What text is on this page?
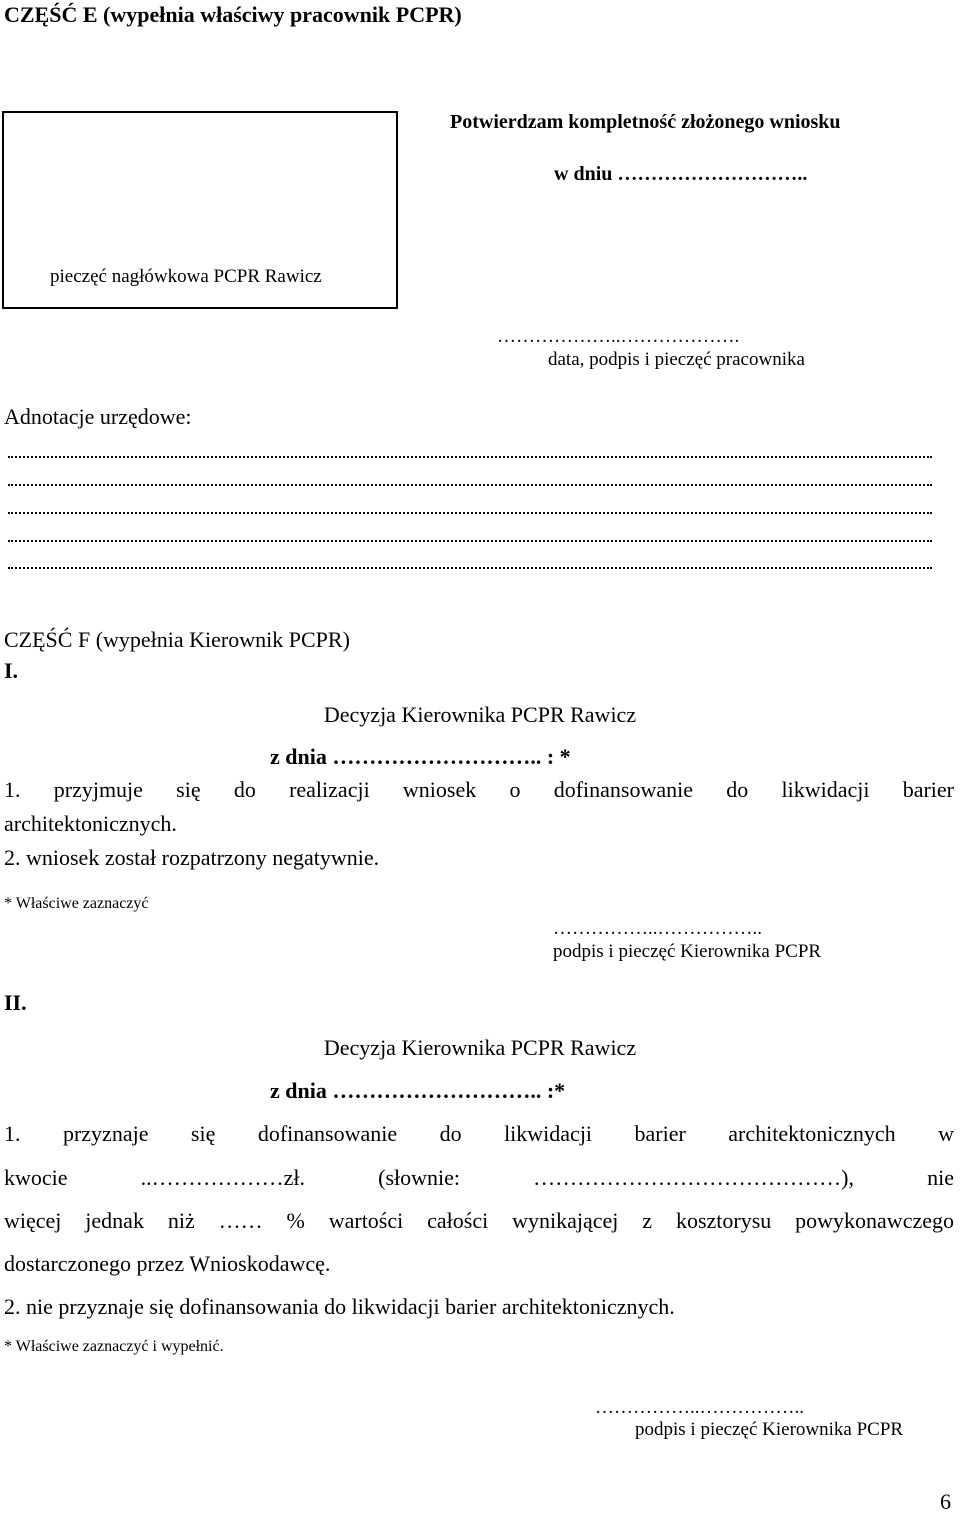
CZĘŚĆ E (wypełnia właściwy pracownik PCPR)
pieczęć nagłówkowa PCPR Rawicz
Potwierdzam kompletność złożonego wniosku
w dniu ………………………..
………………..……………….
data, podpis i pieczęć pracownika
Adnotacje urzędowe:
CZĘŚĆ F (wypełnia Kierownik PCPR)
I.
Decyzja Kierownika PCPR Rawicz
z dnia ……………………….. : *
1. przyjmuje się do realizacji wniosek o dofinansowanie do likwidacji barier
architektonicznych.
2. wniosek został rozpatrzony negatywnie.
* Właściwe zaznaczyć
……………..……………..
podpis i pieczęć Kierownika PCPR
II.
Decyzja Kierownika PCPR Rawicz
z dnia ……………………….. :*
1. przyznaje się dofinansowanie do likwidacji barier architektonicznych w
kwocie ..………………zł. (słownie: ……………………………………), nie
więcej jednak niż …… % wartości całości wynikającej z kosztorysu powykonawczego
dostarczonego przez Wnioskodawcę.
2. nie przyznaje się dofinansowania do likwidacji barier architektonicznych.
* Właściwe zaznaczyć i wypełnić.
……………..……………..
podpis i pieczęć Kierownika PCPR
6
